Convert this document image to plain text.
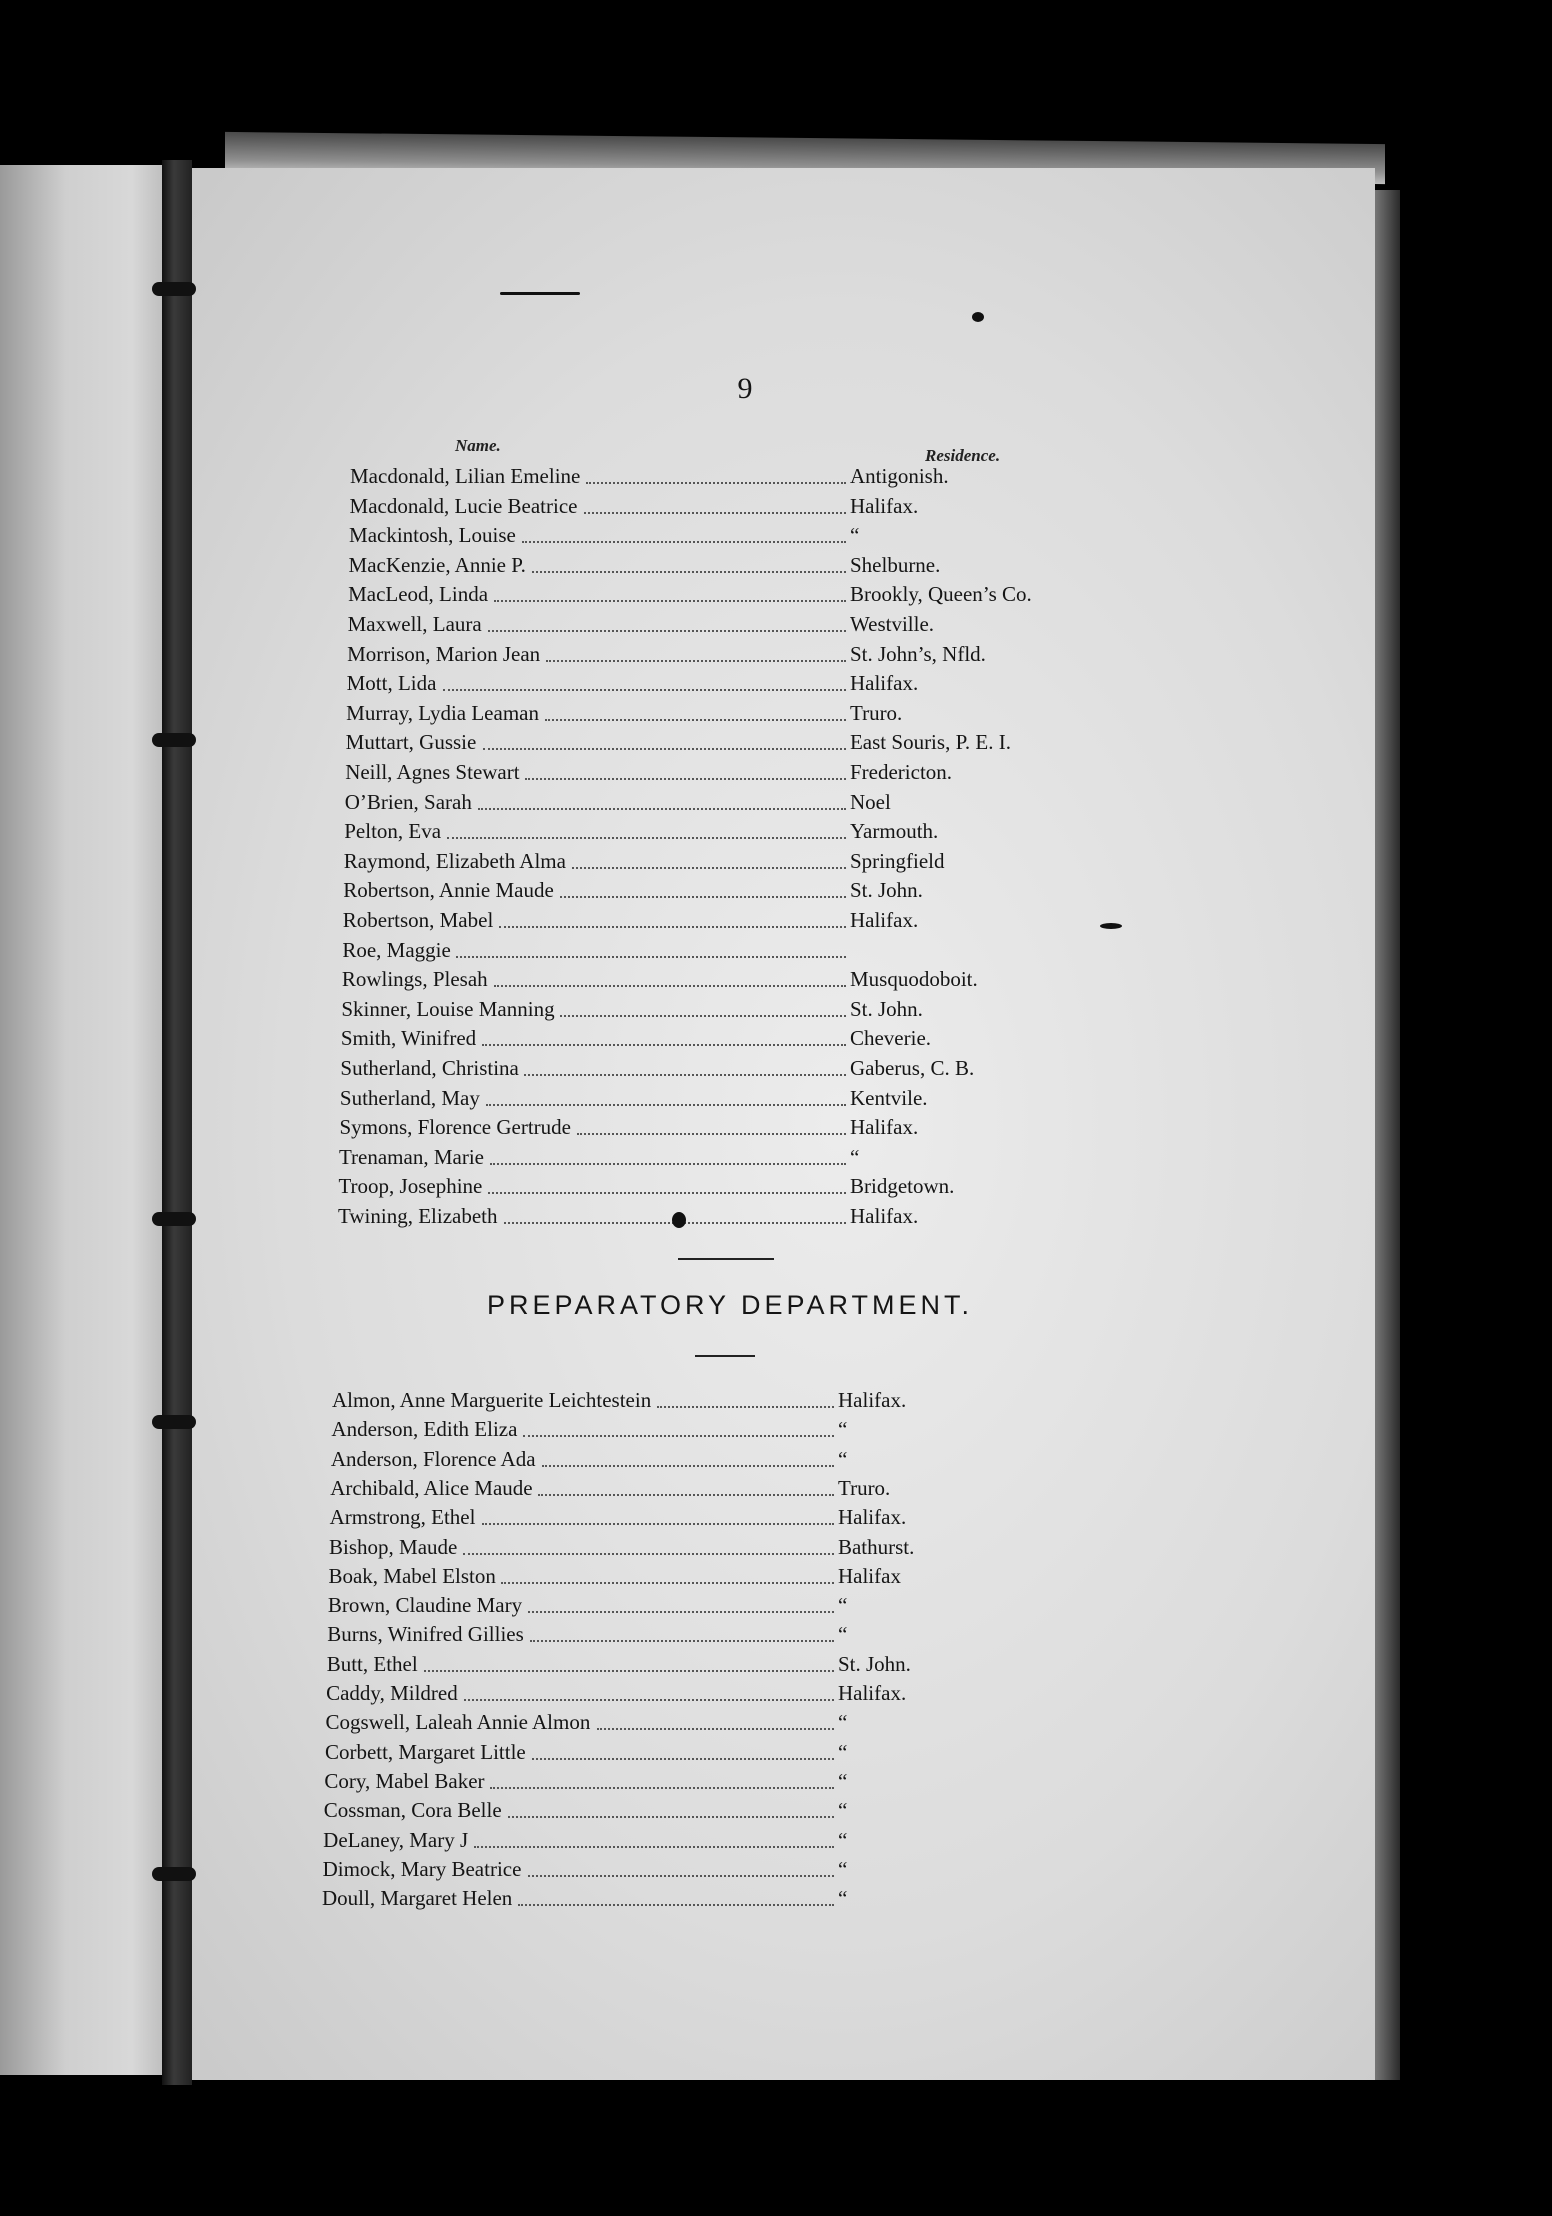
9
Name.
Residence.
Macdonald, Lilian Emeline	Antigonish.
Macdonald, Lucie Beatrice	Halifax.
Mackintosh, Louise	“
MacKenzie, Annie P.	Shelburne.
MacLeod, Linda	Brookly, Queen’s Co.
Maxwell, Laura	Westville.
Morrison, Marion Jean	St. John’s, Nfld.
Mott, Lida	Halifax.
Murray, Lydia Leaman	Truro.
Muttart, Gussie	East Souris, P. E. I.
Neill, Agnes Stewart	Fredericton.
O’Brien, Sarah	Noel
Pelton, Eva	Yarmouth.
Raymond, Elizabeth Alma	Springfield
Robertson, Annie Maude	St. John.
Robertson, Mabel	Halifax.
Roe, Maggie
Rowlings, Plesah	Musquodoboit.
Skinner, Louise Manning	St. John.
Smith, Winifred	Cheverie.
Sutherland, Christina	Gaberus, C. B.
Sutherland, May	Kentvile.
Symons, Florence Gertrude	Halifax.
Trenaman, Marie	“
Troop, Josephine	Bridgetown.
Twining, Elizabeth	Halifax.
PREPARATORY DEPARTMENT.
Almon, Anne Marguerite Leichtestein	Halifax.
Anderson, Edith Eliza	“
Anderson, Florence Ada	“
Archibald, Alice Maude	Truro.
Armstrong, Ethel	Halifax.
Bishop, Maude	Bathurst.
Boak, Mabel Elston	Halifax
Brown, Claudine Mary	“
Burns, Winifred Gillies	“
Butt, Ethel	St. John.
Caddy, Mildred	Halifax.
Cogswell, Laleah Annie Almon	“
Corbett, Margaret Little	“
Cory, Mabel Baker	“
Cossman, Cora Belle	“
DeLaney, Mary J	“
Dimock, Mary Beatrice	“
Doull, Margaret Helen	“
